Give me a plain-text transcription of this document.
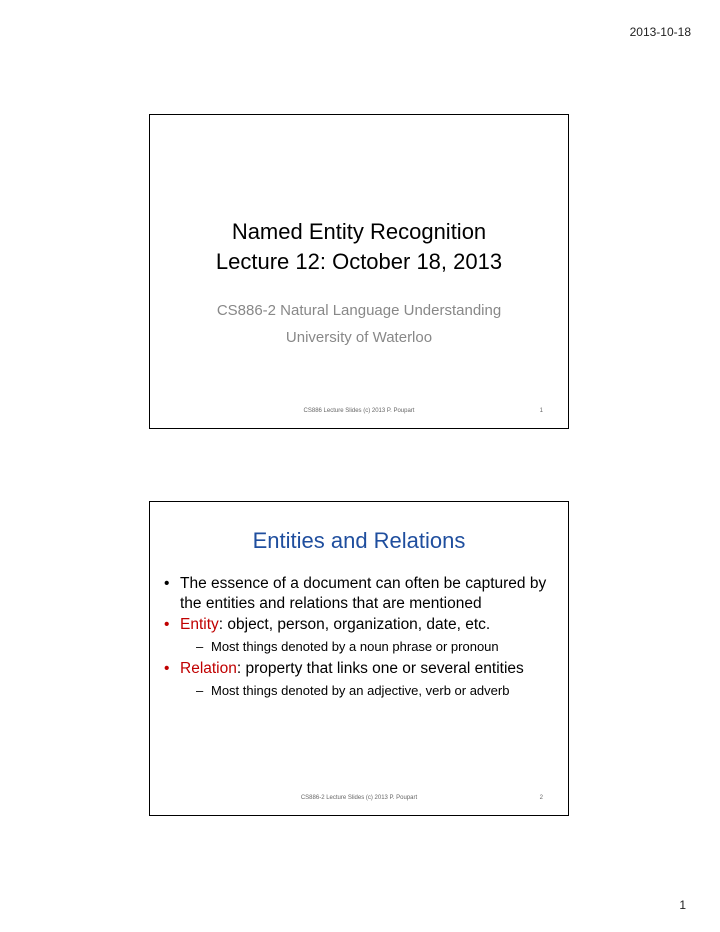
2013-10-18
Named Entity Recognition
Lecture 12: October 18, 2013
CS886-2 Natural Language Understanding
University of Waterloo
CS886 Lecture Slides (c) 2013 P. Poupart	1
Entities and Relations
• The essence of a document can often be captured by the entities and relations that are mentioned
• Entity: object, person, organization, date, etc.
– Most things denoted by a noun phrase or pronoun
• Relation: property that links one or several entities
– Most things denoted by an adjective, verb or adverb
CS886-2 Lecture Slides (c) 2013 P. Poupart	2
1
